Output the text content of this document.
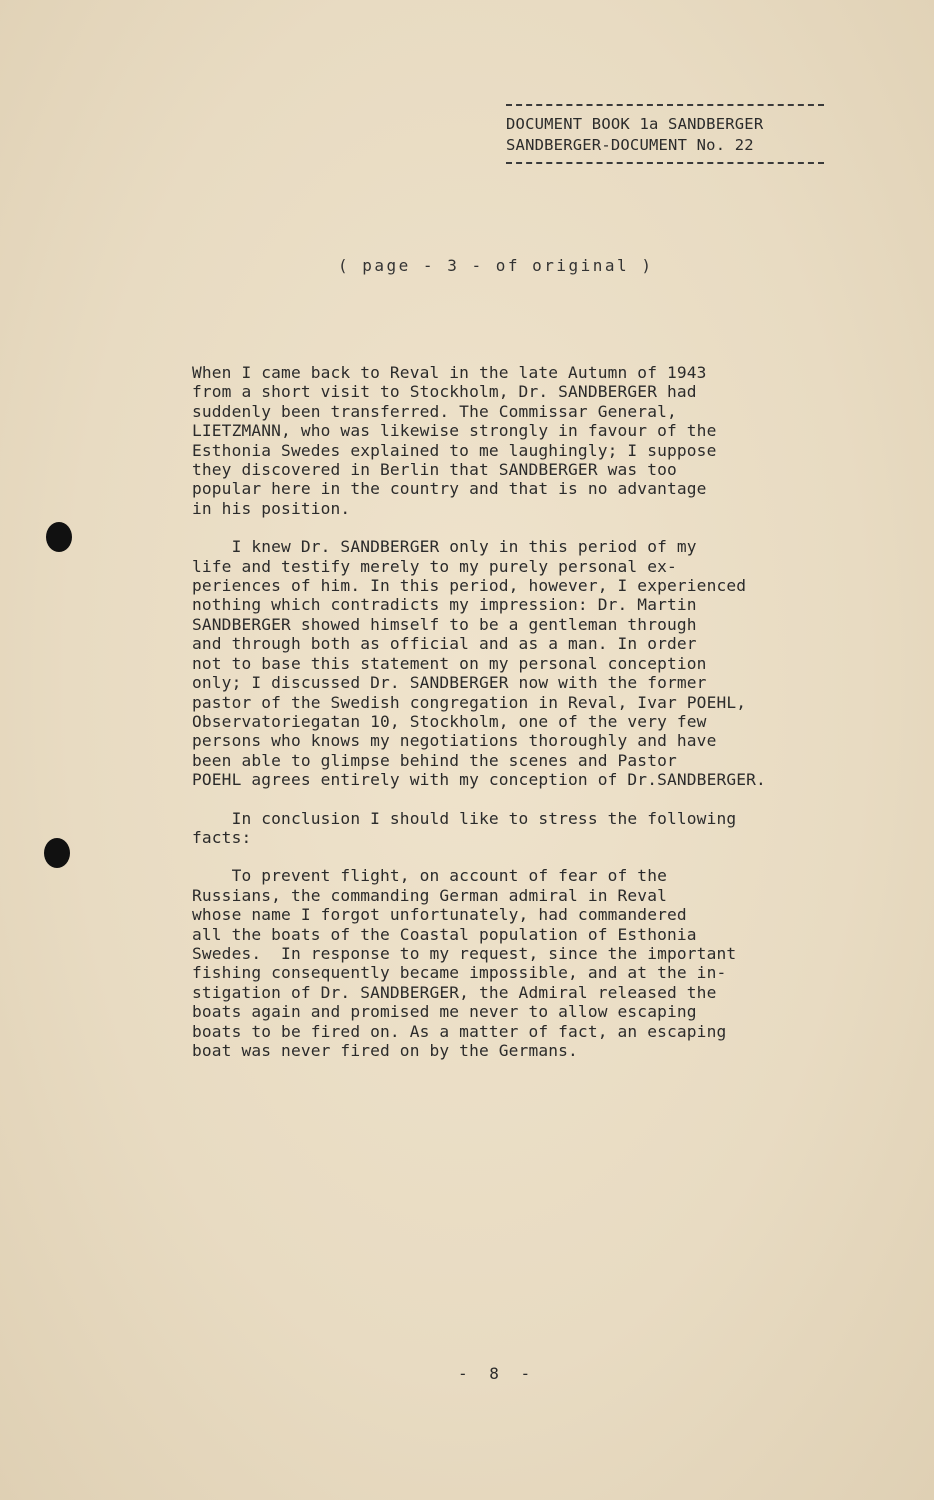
DOCUMENT BOOK 1a SANDBERGER
SANDBERGER-DOCUMENT No. 22
( page - 3 - of original )
When I came back to Reval in the late Autumn of 1943
from a short visit to Stockholm, Dr. SANDBERGER had
suddenly been transferred. The Commissar General,
LIETZMANN, who was likewise strongly in favour of the
Esthonia Swedes explained to me laughingly; I suppose
they discovered in Berlin that SANDBERGER was too
popular here in the country and that is no advantage
in his position.
I knew Dr. SANDBERGER only in this period of my
life and testify merely to my purely personal ex-
periences of him. In this period, however, I experienced
nothing which contradicts my impression: Dr. Martin
SANDBERGER showed himself to be a gentleman through
and through both as official and as a man. In order
not to base this statement on my personal conception
only; I discussed Dr. SANDBERGER now with the former
pastor of the Swedish congregation in Reval, Ivar POEHL,
Observatoriegatan 10, Stockholm, one of the very few
persons who knows my negotiations thoroughly and have
been able to glimpse behind the scenes and Pastor
POEHL agrees entirely with my conception of Dr.SANDBERGER.
In conclusion I should like to stress the following
facts:
To prevent flight, on account of fear of the
Russians, the commanding German admiral in Reval
whose name I forgot unfortunately, had commandered
all the boats of the Coastal population of Esthonia
Swedes.  In response to my request, since the important
fishing consequently became impossible, and at the in-
stigation of Dr. SANDBERGER, the Admiral released the
boats again and promised me never to allow escaping
boats to be fired on. As a matter of fact, an escaping
boat was never fired on by the Germans.
- 8 -
